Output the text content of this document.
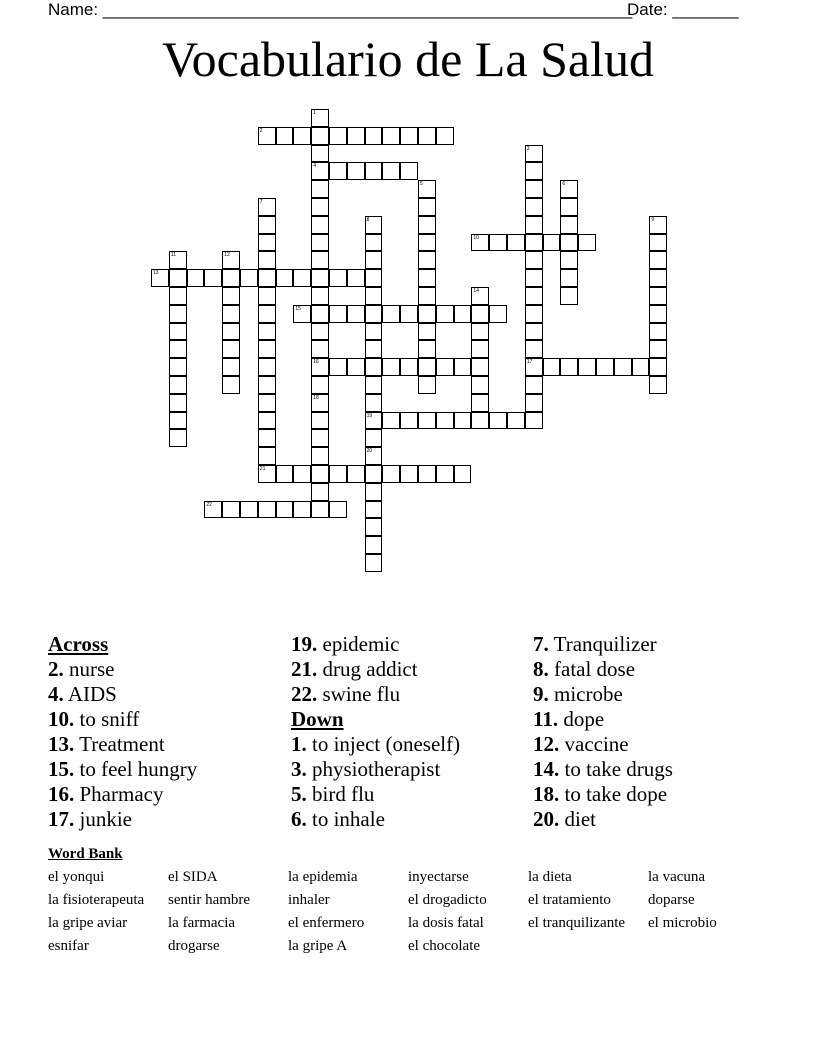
Name: ________________________________________________________
Date: _______
Vocabulario de La Salud
1
4
16
18
2
3
17
5	6
7
21
8
19
20
9
10
11	12
13
14
15
22
Across
2. nurse
4. AIDS
10. to sniff
13. Treatment
15. to feel hungry
16. Pharmacy
17. junkie
19. epidemic
21. drug addict
22. swine flu
Down
1. to inject (oneself)
3. physiotherapist
5. bird flu
6. to inhale
7. Tranquilizer
8. fatal dose
9. microbe
11. dope
12. vaccine
14. to take drugs
18. to take dope
20. diet
Word Bank
el yonqui	el SIDA	la epidemia	inyectarse	la dieta	la vacuna
la fisioterapeuta	sentir hambre	inhaler	el drogadicto	el tratamiento	doparse
la gripe aviar	la farmacia	el enfermero	la dosis fatal	el tranquilizante	el microbio
esnifar	drogarse	la gripe A	el chocolate
